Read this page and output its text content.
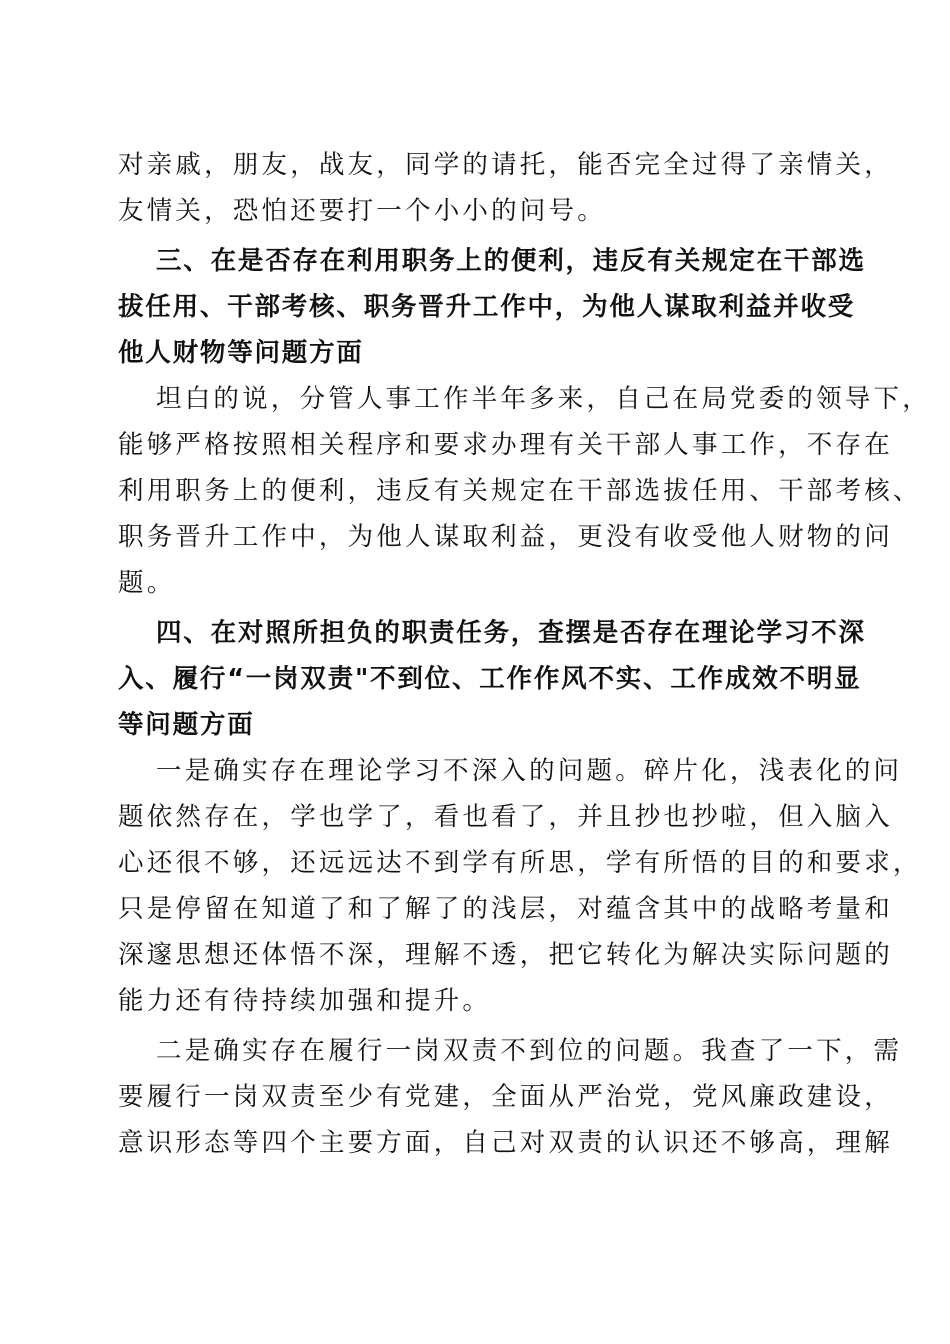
对亲戚，朋友，战友，同学的请托，能否完全过得了亲情关，
友情关，恐怕还要打一个小小的问号。
三、在是否存在利用职务上的便利，违反有关规定在干部选
拔任用、干部考核、职务晋升工作中，为他人谋取利益并收受
他人财物等问题方面
坦白的说，分管人事工作半年多来，自己在局党委的领导下，
能够严格按照相关程序和要求办理有关干部人事工作，不存在
利用职务上的便利，违反有关规定在干部选拔任用、干部考核、
职务晋升工作中，为他人谋取利益，更没有收受他人财物的问
题。
四、在对照所担负的职责任务，查摆是否存在理论学习不深
入、履行“一岗双责"不到位、工作作风不实、工作成效不明显
等问题方面
一是确实存在理论学习不深入的问题。碎片化，浅表化的问
题依然存在，学也学了，看也看了，并且抄也抄啦，但入脑入
心还很不够，还远远达不到学有所思，学有所悟的目的和要求，
只是停留在知道了和了解了的浅层，对蕴含其中的战略考量和
深邃思想还体悟不深，理解不透，把它转化为解决实际问题的
能力还有待持续加强和提升。
二是确实存在履行一岗双责不到位的问题。我查了一下，需
要履行一岗双责至少有党建，全面从严治党，党风廉政建设，
意识形态等四个主要方面，自己对双责的认识还不够高，理解
